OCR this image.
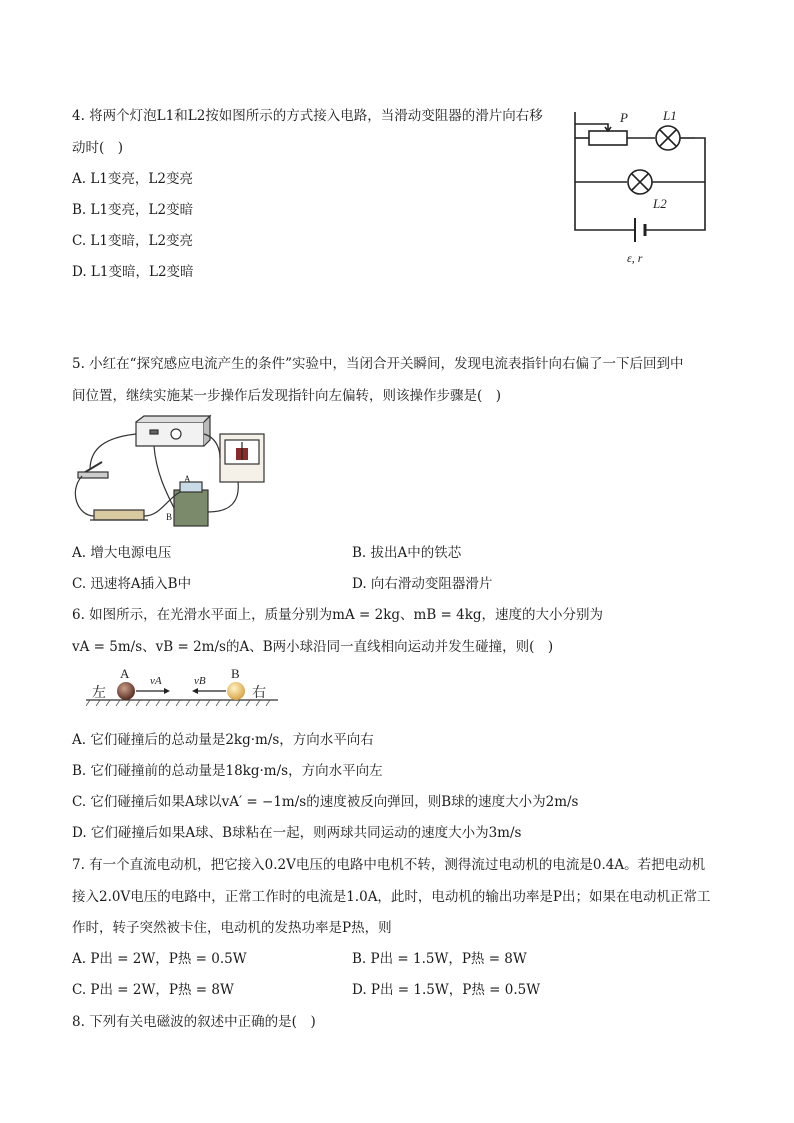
4. 将两个灯泡L1和L2按如图所示的方式接入电路，当滑动变阻器的滑片向右移
动时(　)
A. L1变亮，L2变亮
B. L1变亮，L2变暗
C. L1变暗，L2变亮
D. L1变暗，L2变暗
P	L1
L2
ε, r
5. 小红在“探究感应电流产生的条件”实验中，当闭合开关瞬间，发现电流表指针向右偏了一下后回到中
间位置，继续实施某一步操作后发现指针向左偏转，则该操作步骤是(　)
A
B
A. 增大电源电压	B. 拔出A中的铁芯
C. 迅速将A插入B中	D. 向右滑动变阻器滑片
6. 如图所示，在光滑水平面上，质量分别为mA = 2kg、mB = 4kg，速度的大小分别为
vA = 5m/s、vB = 2m/s的A、B两小球沿同一直线相向运动并发生碰撞，则(　)
左	右
A	B
vA	vB
A. 它们碰撞后的总动量是2kg·m/s，方向水平向右
B. 它们碰撞前的总动量是18kg·m/s，方向水平向左
C. 它们碰撞后如果A球以vA′ = −1m/s的速度被反向弹回，则B球的速度大小为2m/s
D. 它们碰撞后如果A球、B球粘在一起，则两球共同运动的速度大小为3m/s
7. 有一个直流电动机，把它接入0.2V电压的电路中电机不转，测得流过电动机的电流是0.4A。若把电动机
接入2.0V电压的电路中，正常工作时的电流是1.0A，此时，电动机的输出功率是P出；如果在电动机正常工
作时，转子突然被卡住，电动机的发热功率是P热，则
A. P出 = 2W，P热 = 0.5W	B. P出 = 1.5W，P热 = 8W
C. P出 = 2W，P热 = 8W	D. P出 = 1.5W，P热 = 0.5W
8. 下列有关电磁波的叙述中正确的是(　)
